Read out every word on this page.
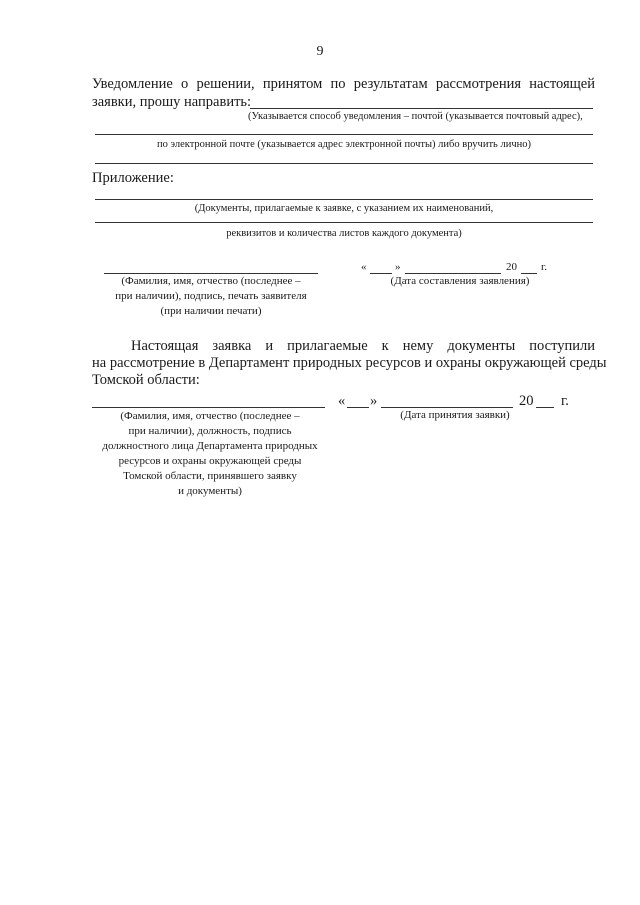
9
Уведомление о решении, принятом по результатам рассмотрения настоящей
заявки, прошу направить:
(Указывается способ уведомления – почтой (указывается почтовый адрес),
по электронной почте (указывается адрес электронной почты) либо вручить лично)
Приложение:
(Документы, прилагаемые к заявке, с указанием их наименований,
реквизитов и количества листов каждого документа)
(Фамилия, имя, отчество (последнее –
при наличии), подпись, печать заявителя
(при наличии печати)
«	»	20 г.
(Дата составления заявления)
Настоящая заявка и прилагаемые к нему документы поступили
на рассмотрение в Департамент природных ресурсов и охраны окружающей среды
Томской области:
(Фамилия, имя, отчество (последнее –
при наличии), должность, подпись
должностного лица Департамента природных
ресурсов и охраны окружающей среды
Томской области, принявшего заявку
и документы)
« »	20 г.
(Дата принятия заявки)
